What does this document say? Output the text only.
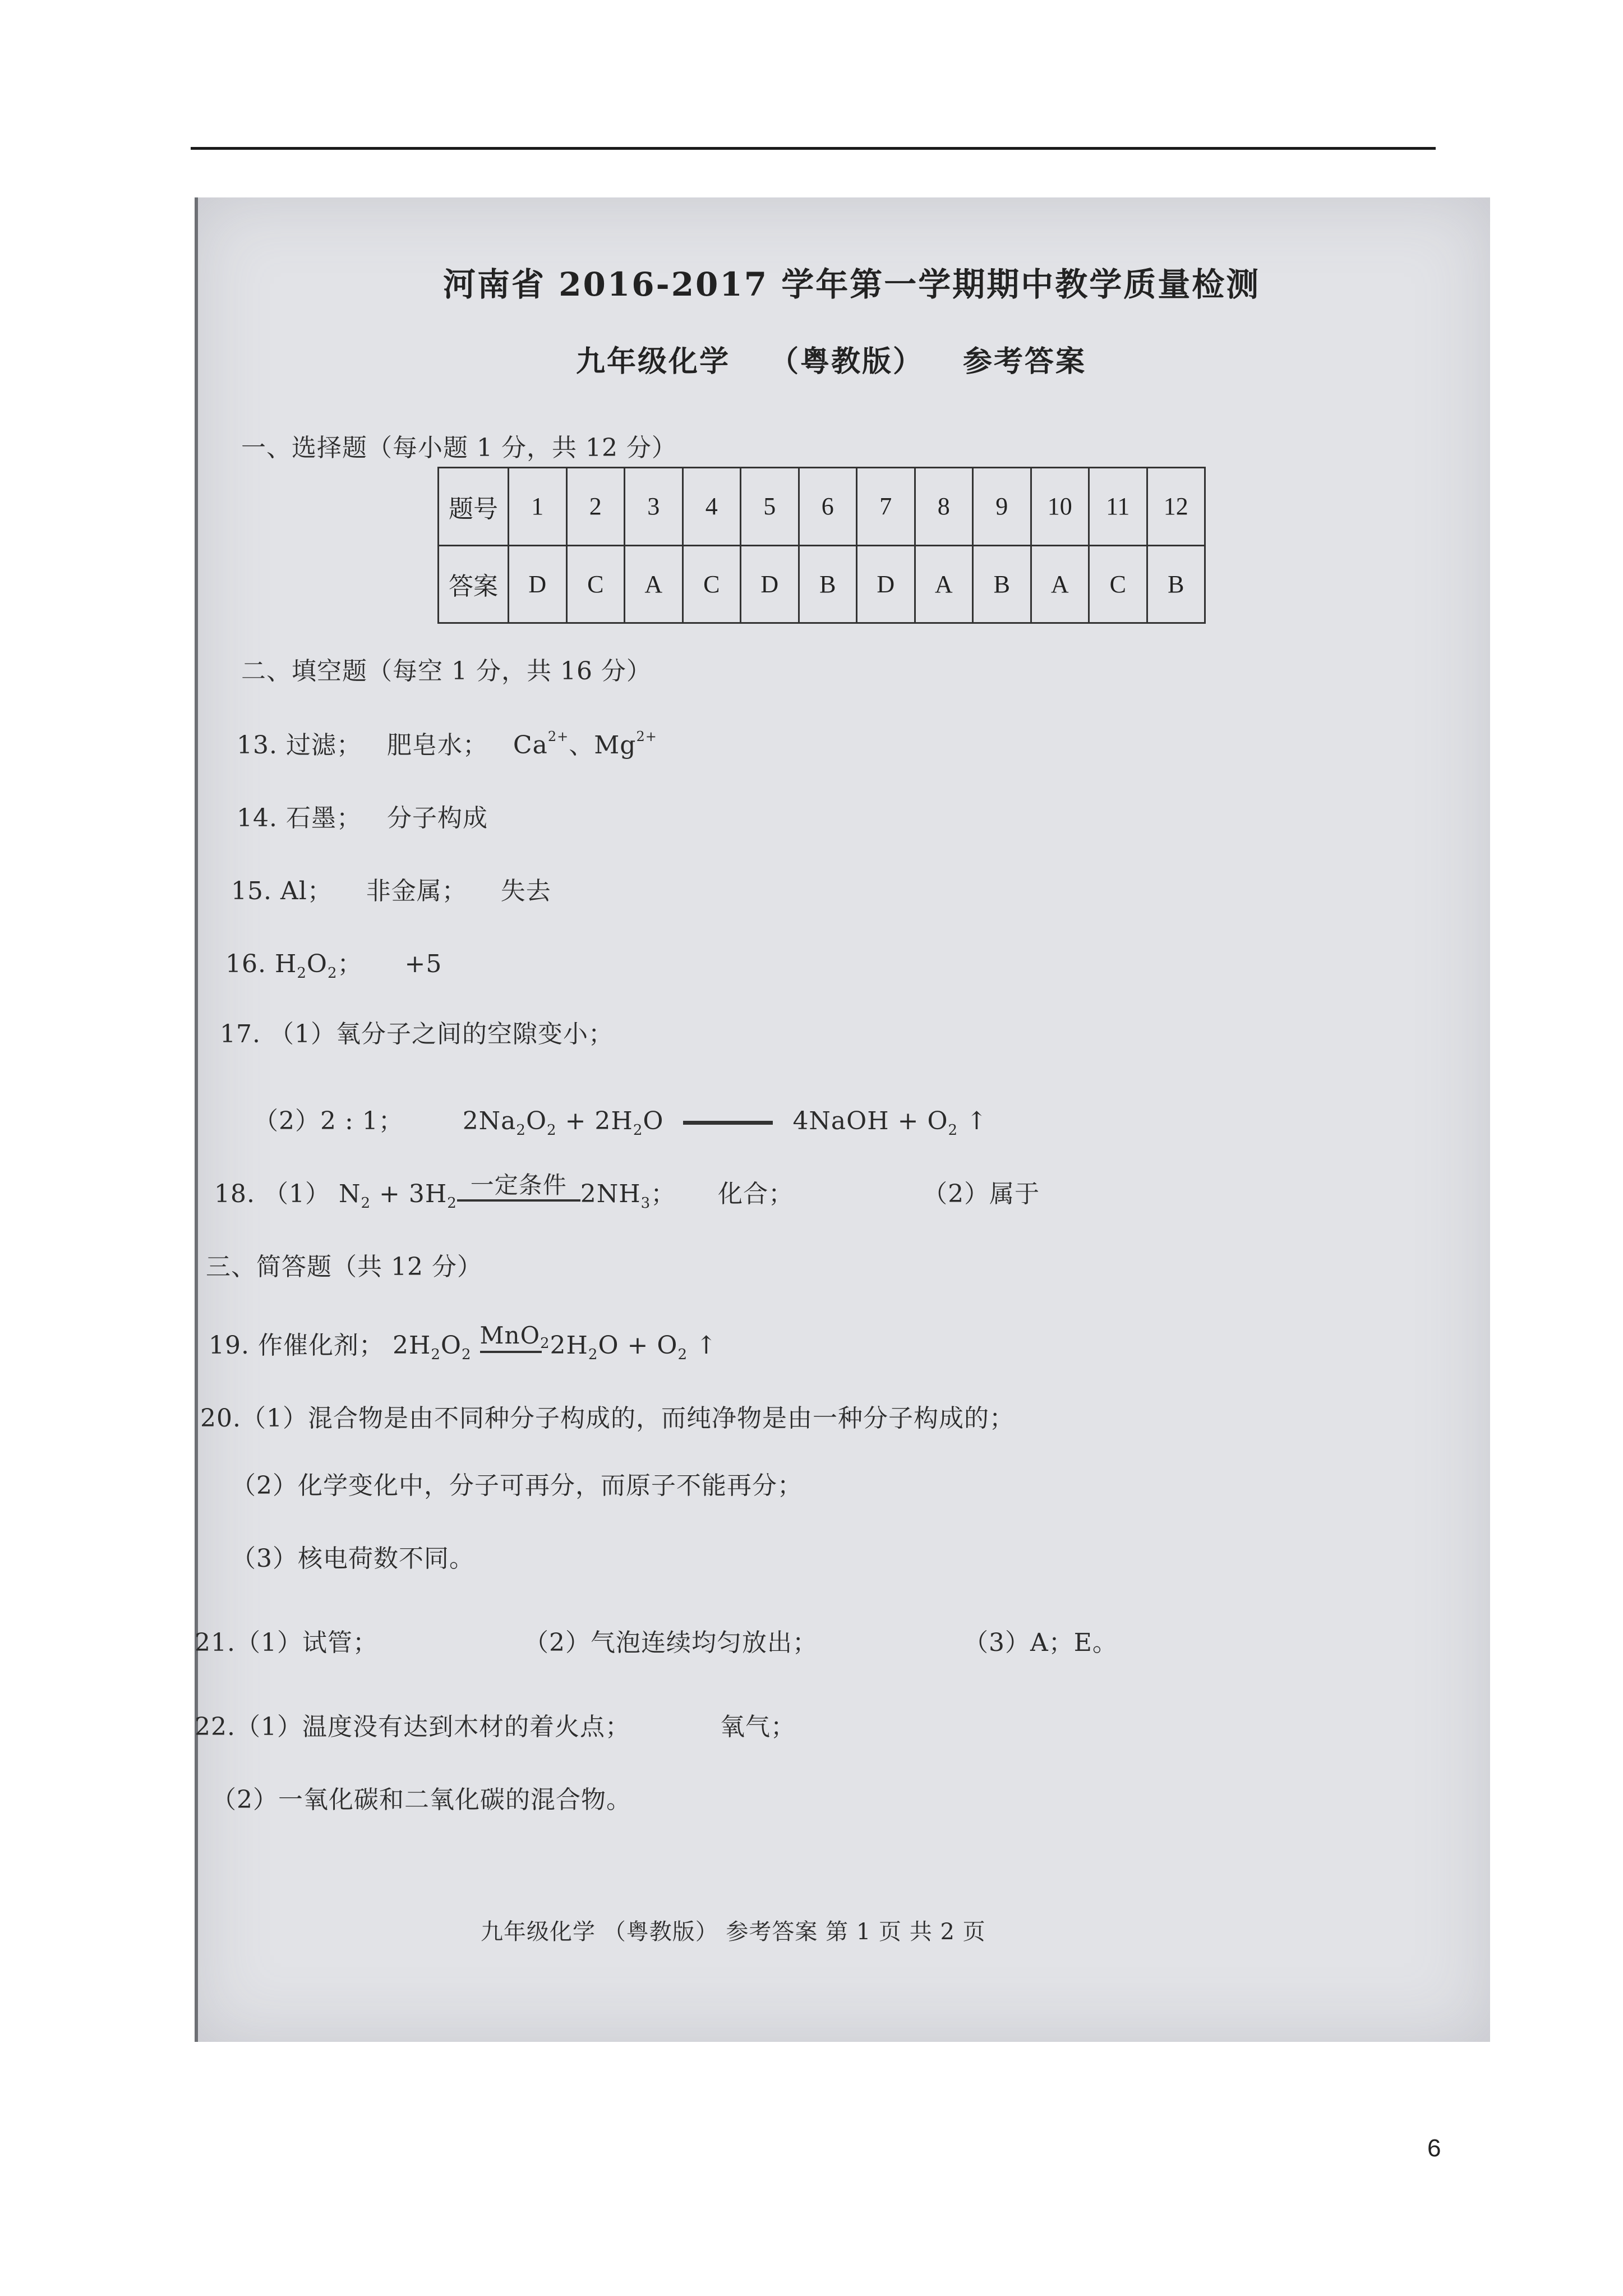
河南省 2016-2017 学年第一学期期中教学质量检测
九年级化学 （粤教版） 参考答案
一、选择题（每小题 1 分，共 12 分）
题号	1	2	3	4	5	6	7	8	9	10	11	12
答案	D	C	A	C	D	B	D	A	B	A	C	B
二、填空题（每空 1 分，共 16 分）
13. 过滤； 肥皂水； $Ca^{2+}$、$Mg^{2+}$
14. 石墨； 分子构成
15. Al； 非金属； 失去
16. $H_2O_2$； +5
17. （1）氧分子之间的空隙变小；
（2）2 : 1； $2Na_2O_2 + 2H_2O$	4NaOH + $O_2$ ↑
18. （1） $N_2 + 3H_2$
一定条件 $2NH_3$； 化合；	（2）属于
三、简答题（共 12 分）
19. 作催化剂； $2H_2O_2$
MnO2 $2H_2O + O_2$ ↑
20.（1）混合物是由不同种分子构成的，而纯净物是由一种分子构成的；
（2）化学变化中，分子可再分，而原子不能再分；
（3）核电荷数不同。
21.（1）试管；	（2）气泡连续均匀放出；	（3）A；E。
22.（1）温度没有达到木材的着火点；	氧气；
（2）一氧化碳和二氧化碳的混合物。
九年级化学 （粤教版） 参考答案 第 1 页 共 2 页
6
